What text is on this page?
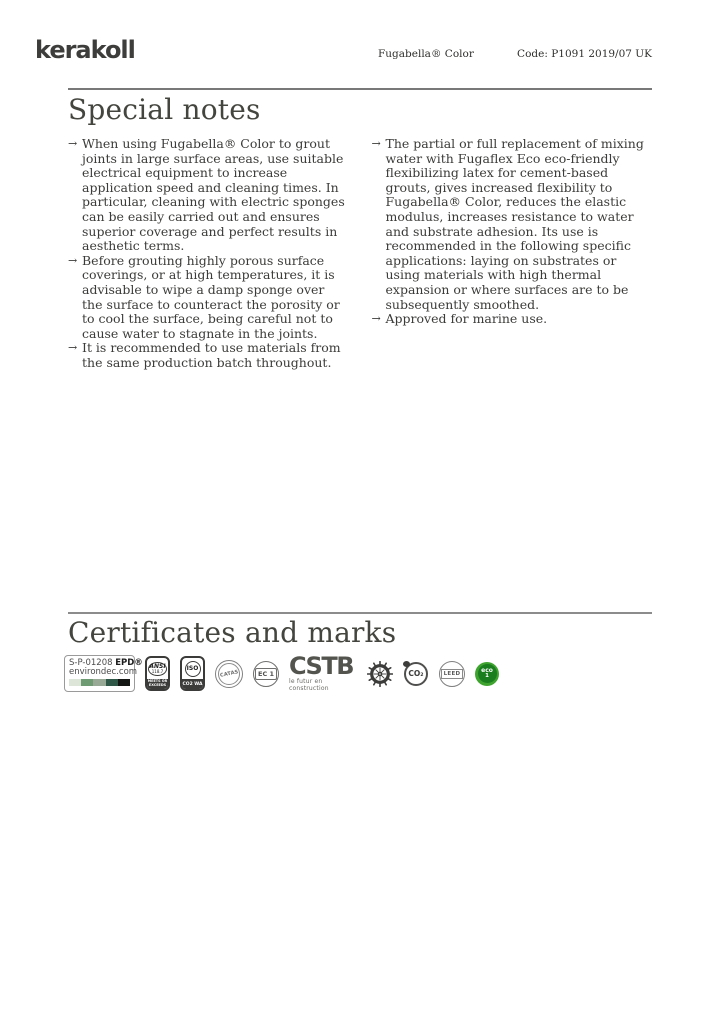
kerakoll	Fugabella® Color	Code: P1091 2019/07 UK
Special notes
→ When using Fugabella® Color to grout joints in large surface areas, use suitable electrical equipment to increase application speed and cleaning times. In particular, cleaning with electric sponges can be easily carried out and ensures superior coverage and perfect results in aesthetic terms.
→ Before grouting highly porous surface coverings, or at high temperatures, it is advisable to wipe a damp sponge over the surface to counteract the porosity or to cool the surface, being careful not to cause water to stagnate in the joints.
→ It is recommended to use materials from the same production batch throughout.
→ The partial or full replacement of mixing water with Fugaflex Eco eco-friendly flexibilizing latex for cement-based grouts, gives increased flexibility to Fugabella® Color, reduces the elastic modulus, increases resistance to water and substrate adhesion. Its use is recommended in the following specific applications: laying on substrates or using materials with high thermal expansion or where surfaces are to be subsequently smoothed.
→ Approved for marine use.
Certificates and marks
S-P-01208 EPD®
environdec.com
ANSI
118.7
MEETS OR EXCEEDS
ISO
CO2 WA
CATAS	EC 1 CSTB
le futur en construction
CO₂	LEED	eco
1
